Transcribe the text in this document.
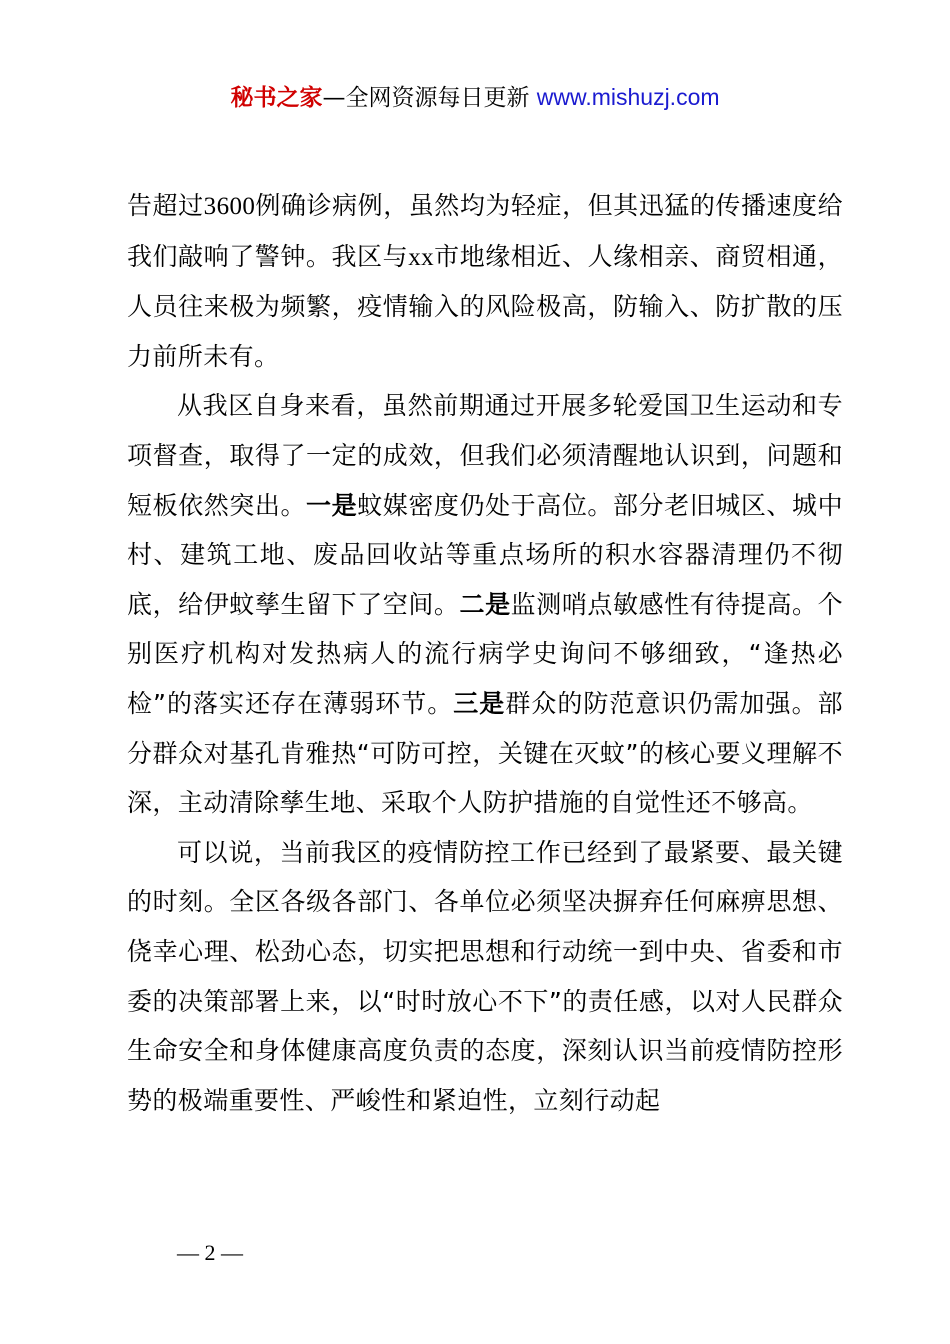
秘书之家—全网资源每日更新 www.mishuzj.com

告超过3600例确诊病例，虽然均为轻症，但其迅猛的传播速度给我们敲响了警钟。我区与xx市地缘相近、人缘相亲、商贸相通，人员往来极为频繁，疫情输入的风险极高，防输入、防扩散的压力前所未有。

从我区自身来看，虽然前期通过开展多轮爱国卫生运动和专项督查，取得了一定的成效，但我们必须清醒地认识到，问题和短板依然突出。一是蚊媒密度仍处于高位。部分老旧城区、城中村、建筑工地、废品回收站等重点场所的积水容器清理仍不彻底，给伊蚊孳生留下了空间。二是监测哨点敏感性有待提高。个别医疗机构对发热病人的流行病学史询问不够细致，“逢热必检”的落实还存在薄弱环节。三是群众的防范意识仍需加强。部分群众对基孔肯雅热“可防可控，关键在灭蚊”的核心要义理解不深，主动清除孳生地、采取个人防护措施的自觉性还不够高。

可以说，当前我区的疫情防控工作已经到了最紧要、最关键的时刻。全区各级各部门、各单位必须坚决摒弃任何麻痹思想、侥幸心理、松劲心态，切实把思想和行动统一到中央、省委和市委的决策部署上来，以“时时放心不下”的责任感，以对人民群众生命安全和身体健康高度负责的态度，深刻认识当前疫情防控形势的极端重要性、严峻性和紧迫性，立刻行动起

— 2 —
